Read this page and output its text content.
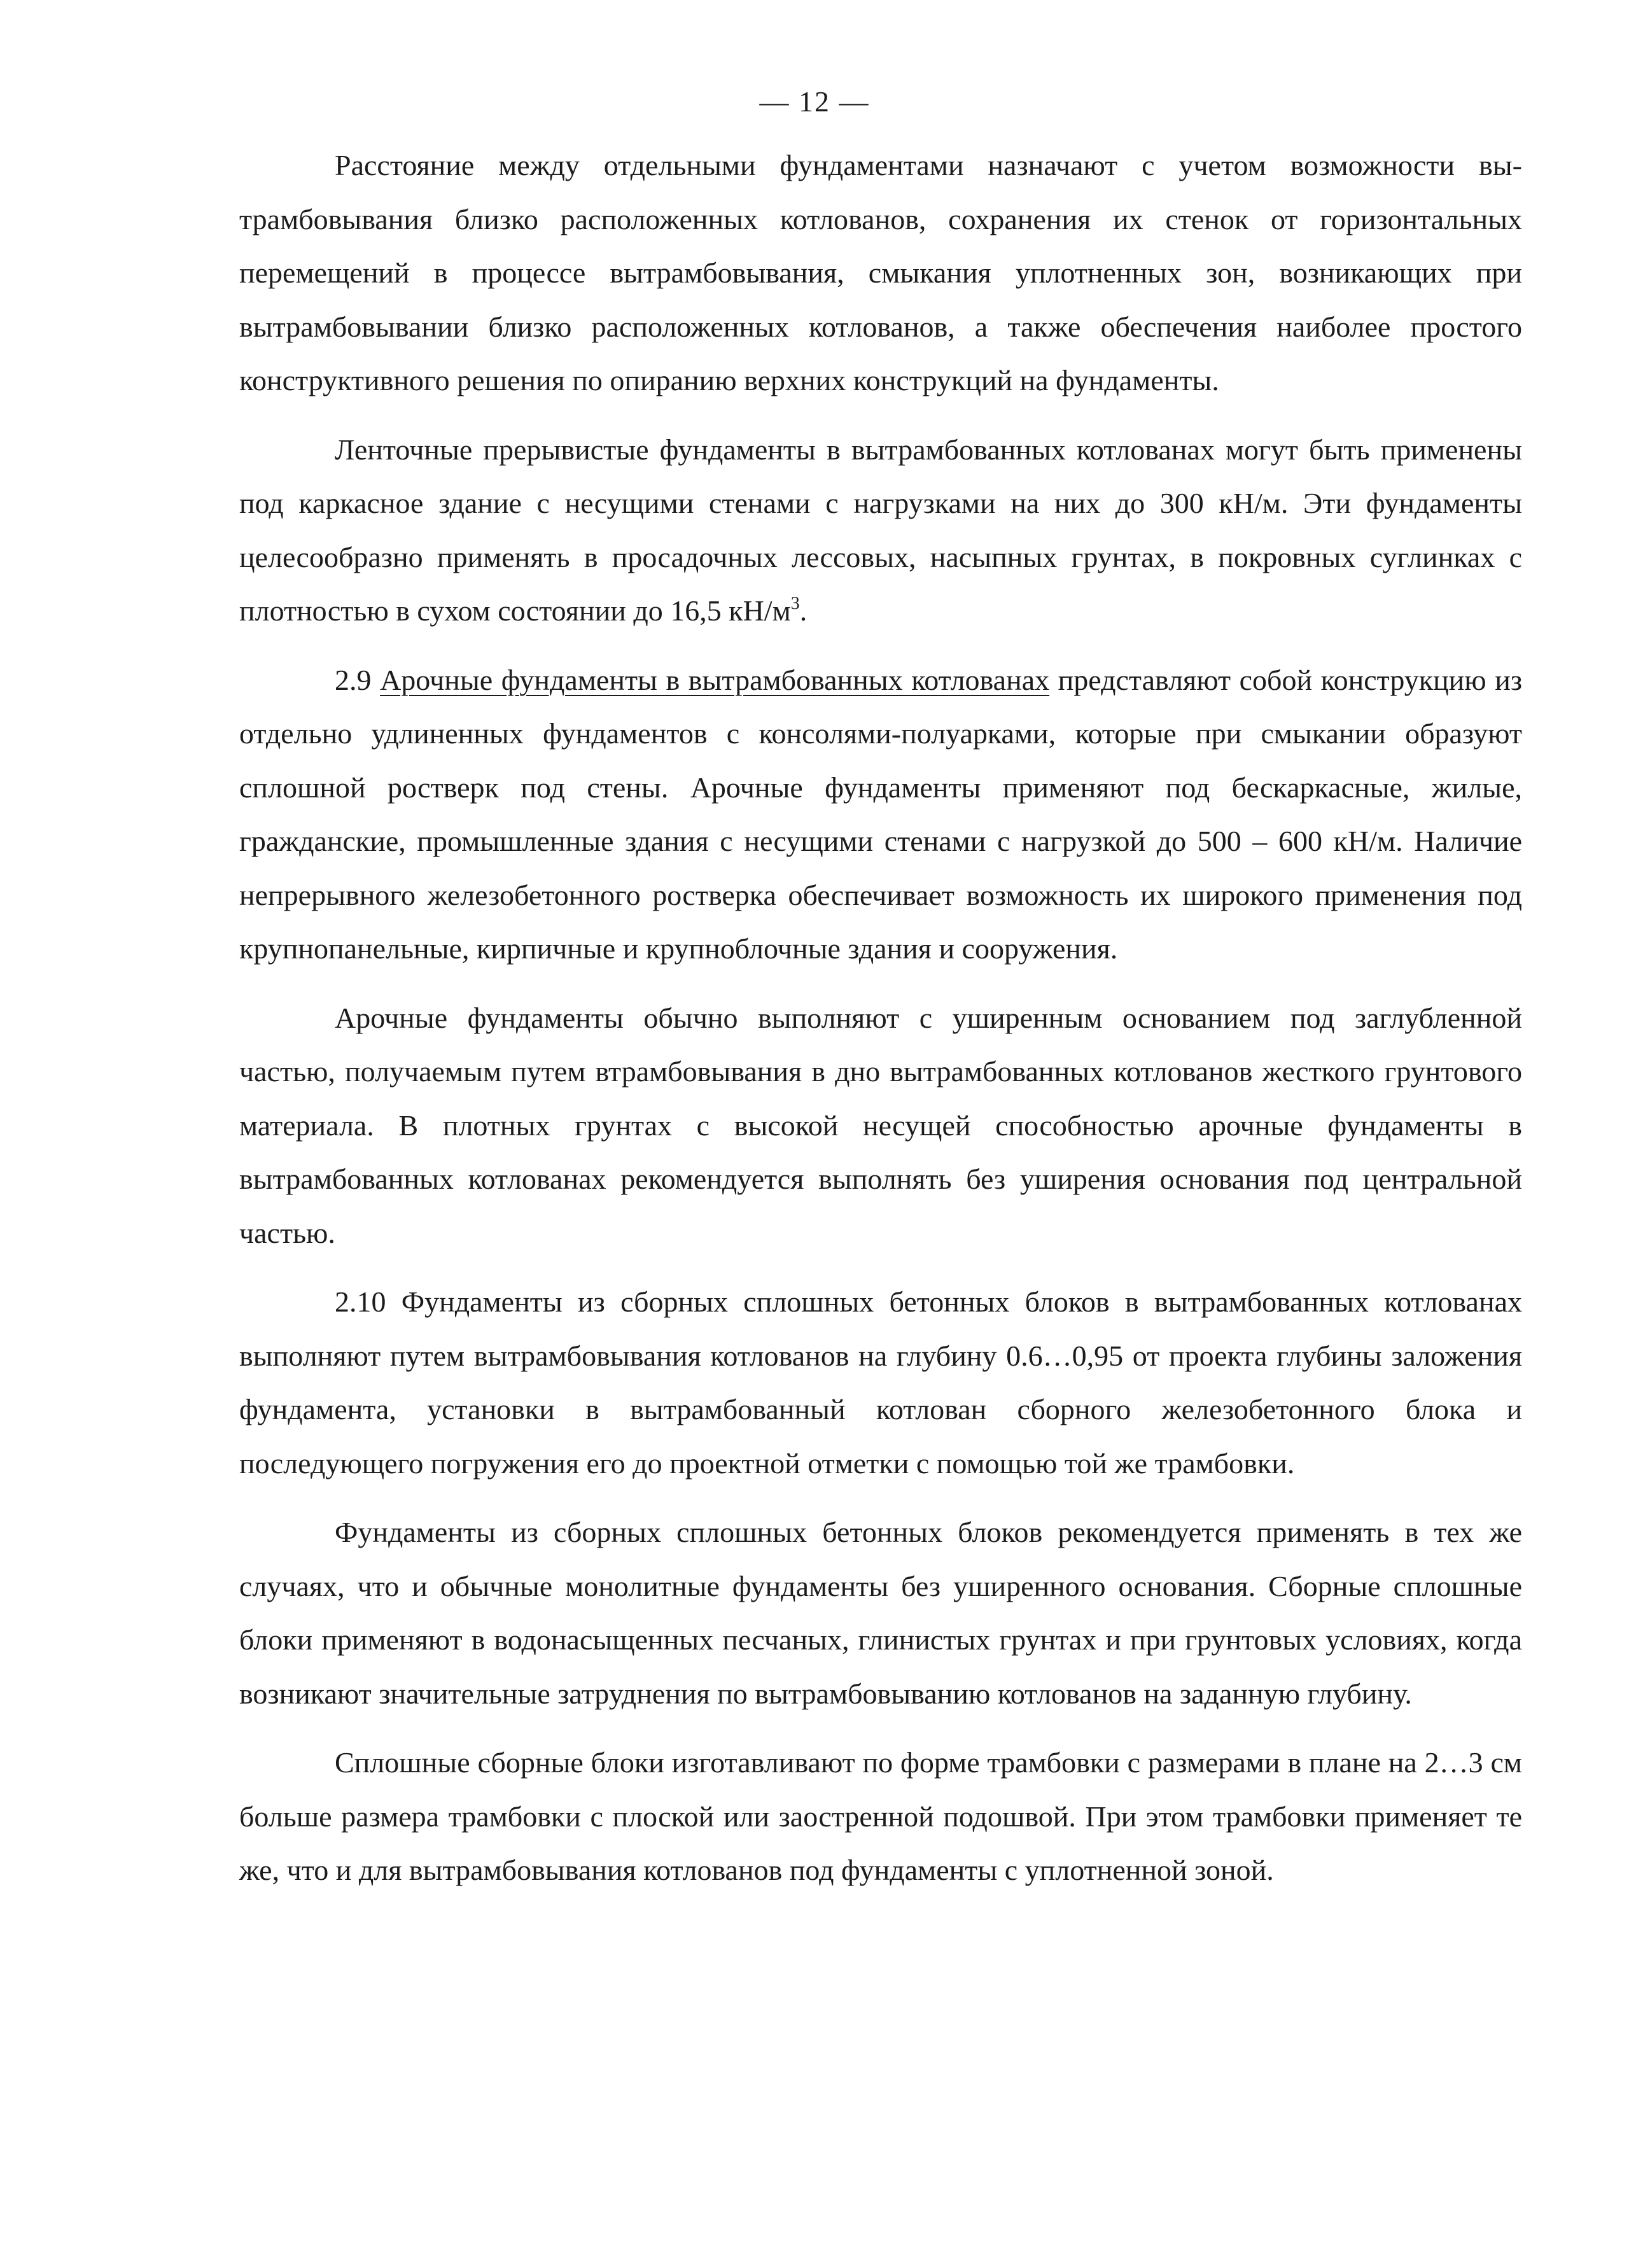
— 12 —

Расстояние между отдельными фундаментами назначают с учетом возможности вытрамбовывания близко расположенных котлованов, сохранения их стенок от горизонтальных перемещений в процессе вытрамбовывания, смыкания уплотненных зон, возникающих при вытрамбовывании близко расположенных котлованов, а также обеспечения наиболее простого конструктивного решения по опиранию верхних конструкций на фундаменты.

Ленточные прерывистые фундаменты в вытрамбованных котлованах могут быть применены под каркасное здание с несущими стенами с нагрузками на них до 300 кН/м. Эти фундаменты целесообразно применять в просадочных лессовых, насыпных грунтах, в покровных суглинках с плотностью в сухом состоянии до 16,5 $кН/м^3$.

2.9 Арочные фундаменты в вытрамбованных котлованах представляют собой конструкцию из отдельно удлиненных фундаментов с консолями-полуарками, которые при смыкании образуют сплошной ростверк под стены. Арочные фундаменты применяют под бескаркасные, жилые, гражданские, промышленные здания с несущими стенами с нагрузкой до 500 – 600 кН/м. Наличие непрерывного железобетонного ростверка обеспечивает возможность их широкого применения под крупнопанельные, кирпичные и крупноблочные здания и сооружения.

Арочные фундаменты обычно выполняют с уширенным основанием под заглубленной частью, получаемым путем втрамбовывания в дно вытрамбованных котлованов жесткого грунтового материала. В плотных грунтах с высокой несущей способностью арочные фундаменты в вытрамбованных котлованах рекомендуется выполнять без уширения основания под центральной частью.

2.10 Фундаменты из сборных сплошных бетонных блоков в вытрамбованных котлованах выполняют путем вытрамбовывания котлованов на глубину 0.6…0,95 от проекта глубины заложения фундамента, установки в вытрамбованный котлован сборного железобетонного блока и последующего погружения его до проектной отметки с помощью той же трамбовки.

Фундаменты из сборных сплошных бетонных блоков рекомендуется применять в тех же случаях, что и обычные монолитные фундаменты без уширенного основания. Сборные сплошные блоки применяют в водонасыщенных песчаных, глинистых грунтах и при грунтовых условиях, когда возникают значительные затруднения по вытрамбовыванию котлованов на заданную глубину.

Сплошные сборные блоки изготавливают по форме трамбовки с размерами в плане на 2…3 см больше размера трамбовки с плоской или заостренной подошвой. При этом трамбовки применяет те же, что и для вытрамбовывания котлованов под фундаменты с уплотненной зоной.
